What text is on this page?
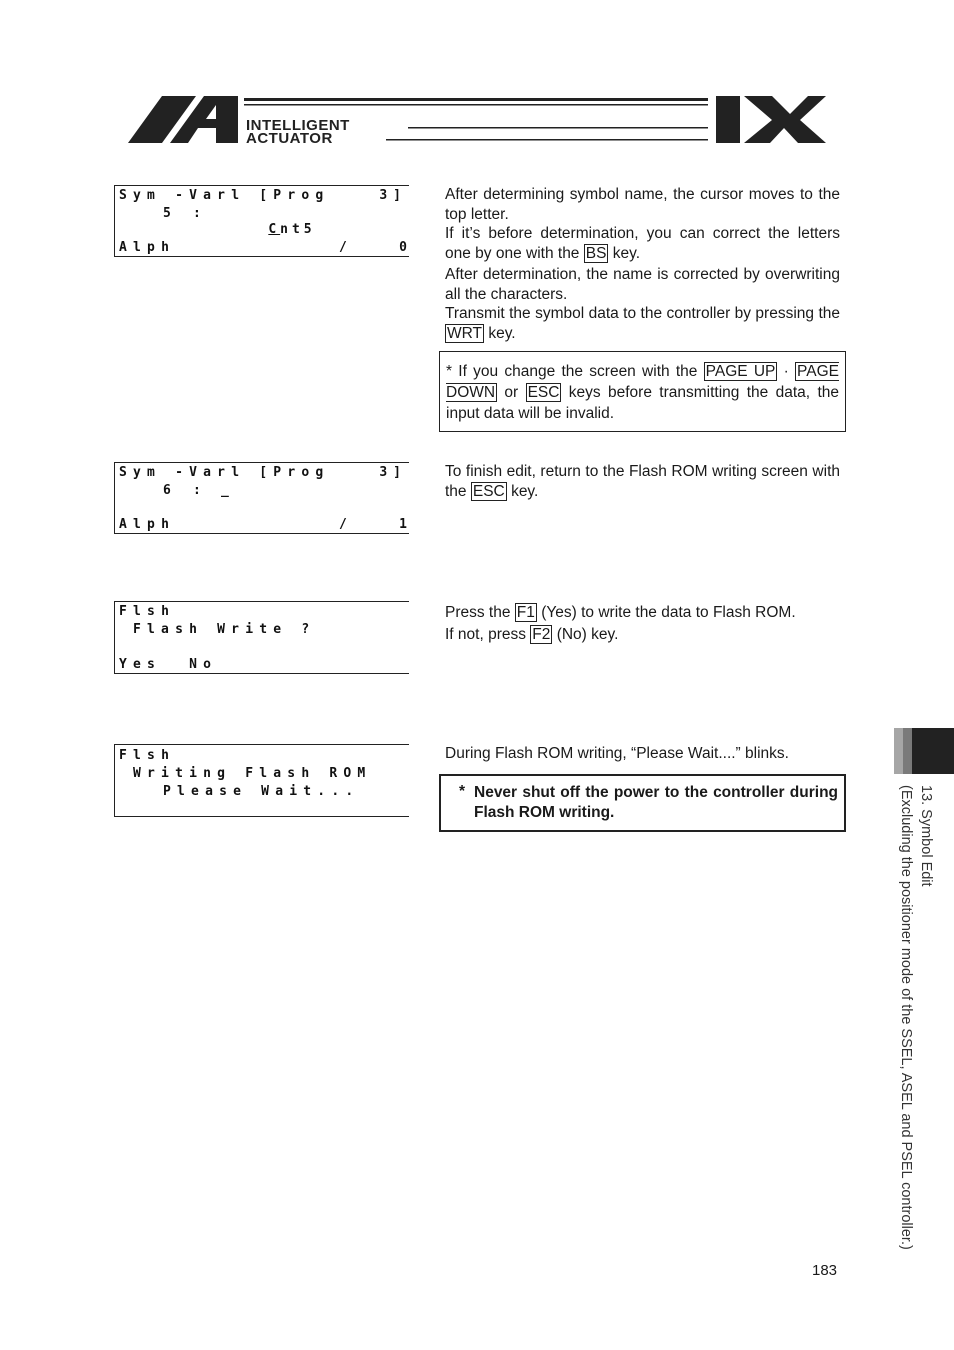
INTELLIGENT
ACTUATOR
Sym -Varl [Prog	3]
5 :

Cnt5

Alph	/	0

After determining symbol name, the cursor moves to the top letter.

If it’s before determination, you can correct the letters one by one with the BS key.

After determination, the name is corrected by overwriting all the characters.

Transmit the symbol data to the controller by pressing the WRT key.

* If you change the screen with the PAGE UP · PAGE DOWN or ESC keys before transmitting the data, the input data will be invalid.
Sym -Varl [Prog	3]
6 : _
Alph	/	1

To finish edit, return to the Flash ROM writing screen with the ESC key.

Flsh
Flash Write ?
Yes  No

Press the F1 (Yes) to write the data to Flash ROM.

If not, press F2 (No) key.

Flsh
Writing Flash ROM
Please Wait...

During Flash ROM writing, “Please Wait....” blinks.

* Never shut off the power to the controller during Flash ROM writing.	13. Symbol Edit
(Excluding the positioner mode of the SSEL, ASEL and PSEL controller.)
183
